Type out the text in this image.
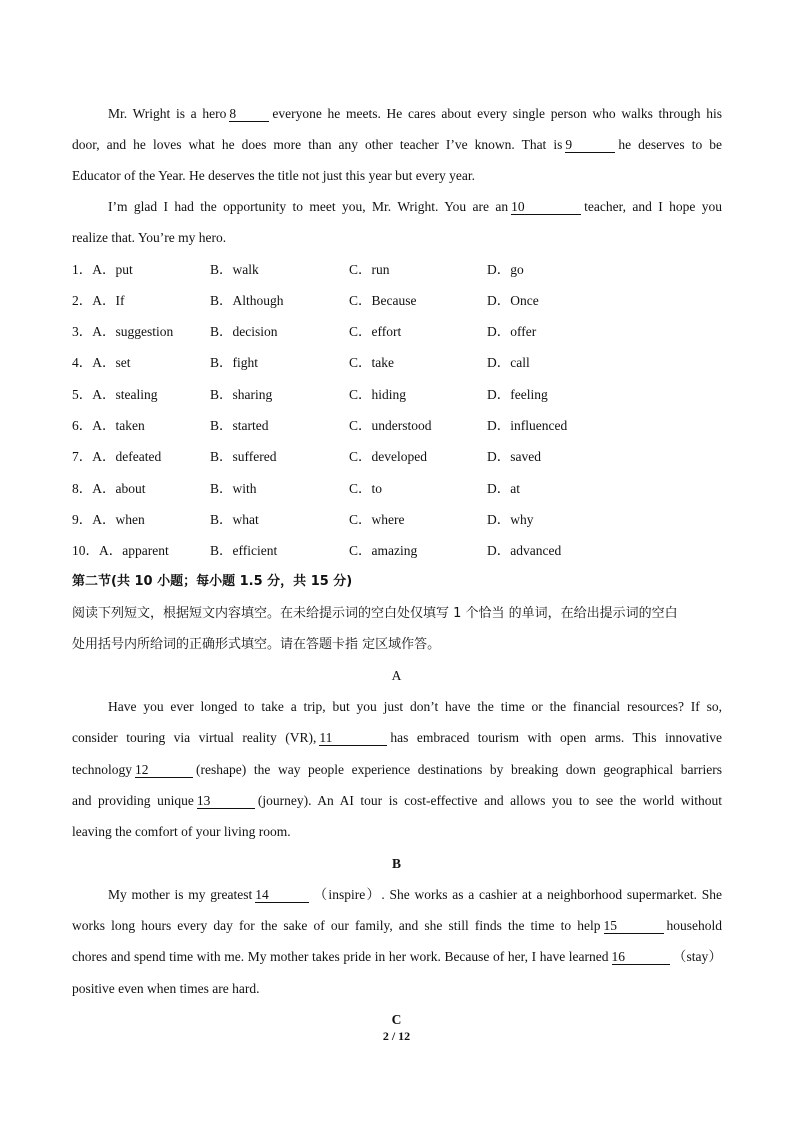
Mr. Wright is a hero 8	everyone he meets. He cares about every single person who walks through his
door, and he loves what he does more than any other teacher I’ve known. That is 9	he deserves to be
Educator of the Year. He deserves the title not just this year but every year.
I’m glad I had the opportunity to meet you, Mr. Wright. You are an 10	teacher, and I hope you
realize that. You’re my hero.
1．A．put	B．walk	C．run	D．go
2．A．If	B．Although	C．Because	D．Once
3．A．suggestion	B．decision	C．effort	D．offer
4．A．set	B．fight	C．take	D．call
5．A．stealing	B．sharing	C．hiding	D．feeling
6．A．taken	B．started	C．understood	D．influenced
7．A．defeated	B．suffered	C．developed	D．saved
8．A．about	B．with	C．to	D．at
9．A．when	B．what	C．where	D．why
10．A．apparent	B．efficient	C．amazing	D．advanced
第二节(共 10 小题；每小题 1.5 分，共 15 分)
阅读下列短文，根据短文内容填空。在未给提示词的空白处仅填写 1 个恰当 的单词，在给出提示词的空白
处用括号内所给词的正确形式填空。请在答题卡指 定区域作答。
A
Have you ever longed to take a trip, but you just don’t have the time or the financial resources? If so,
consider touring via virtual reality (VR), 11	has embraced tourism with open arms. This innovative
technology 12	(reshape) the way people experience destinations by breaking down geographical barriers
and providing unique 13	(journey). An AI tour is cost-effective and allows you to see the world without
leaving the comfort of your living room.
B
My mother is my greatest 14	（inspire）. She works as a cashier at a neighborhood supermarket. She
works long hours every day for the sake of our family, and she still finds the time to help 15	household
chores and spend time with me. My mother takes pride in her work. Because of her, I have learned 16	（stay）
positive even when times are hard.
C
2 / 12
